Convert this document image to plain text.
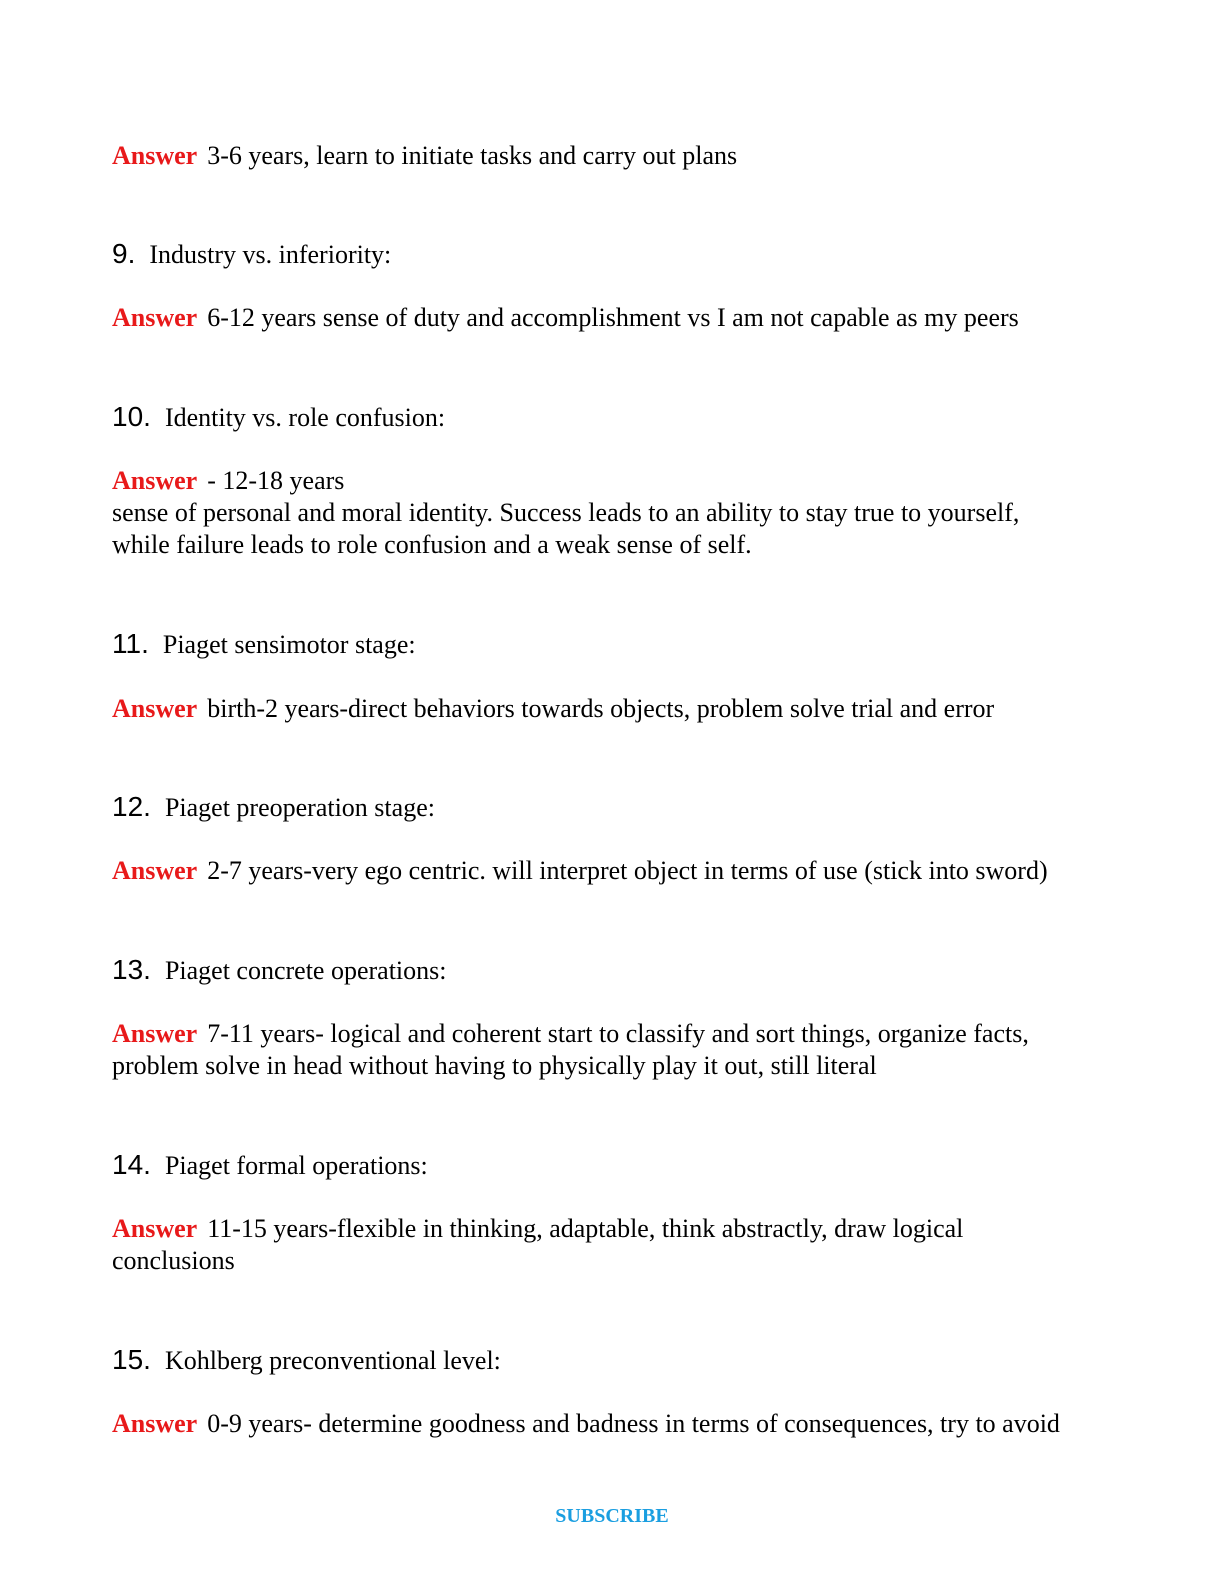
Answer 3-6 years, learn to initiate tasks and carry out plans
9. Industry vs. inferiority:
Answer 6-12 years sense of duty and accomplishment vs I am not capable as my peers
10. Identity vs. role confusion:
Answer - 12-18 years
sense of personal and moral identity. Success leads to an ability to stay true to yourself,
while failure leads to role confusion and a weak sense of self.
11. Piaget sensimotor stage:
Answer birth-2 years-direct behaviors towards objects, problem solve trial and error
12. Piaget preoperation stage:
Answer 2-7 years-very ego centric. will interpret object in terms of use (stick into sword)
13. Piaget concrete operations:
Answer 7-11 years- logical and coherent start to classify and sort things, organize facts,
problem solve in head without having to physically play it out, still literal
14. Piaget formal operations:
Answer 11-15 years-flexible in thinking, adaptable, think abstractly, draw logical
conclusions
15. Kohlberg preconventional level:
Answer 0-9 years- determine goodness and badness in terms of consequences, try to avoid
SUBSCRIBE
